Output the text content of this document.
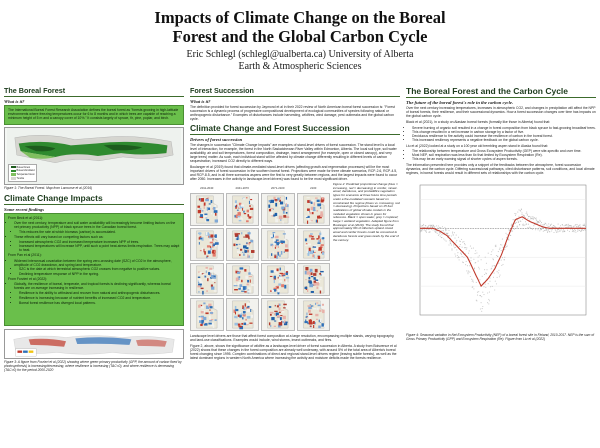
Impacts of Climate Change on the Boreal
Forest and the Global Carbon Cycle
Eric Schlegl (schlegl@ualberta.ca) University of Alberta
Earth & Atmospheric Sciences
The Boreal Forest
What is it?

The International Boreal Forest Research Association defines the boreal forest as "forests growing in high-latitude environments where freezing temperatures occur for 6 to 8 months and in which trees are capable of reaching a minimum height of 5 m and a canopy cover of 10%." It consists largely of spruce, fir, pine, poplar, and birch.

Boreal forest
Boreal shrubland
Temperate forest
Tundra
Figure 1: The Boreal Forest. Map from Lacourse et al (2016)
Climate Change Impacts
Some recent findings

From Beck et al (2011):

• Over the next century, temperature and soil water availability will increasingly become limiting factors on the net primary productivity (NPP) of black spruce trees in the Canadian boreal forest.
• This reduces the rate at which biomass (carbon) is accumulated.
• These effects will vary based on competing factors such as:
• Increased atmospheric CO2 and increased temperature increases NPP of trees.
• Increased temperatures will increase NPP, until such a point heat-stress limits respiration. Trees may adapt to heat.

From Pan et al (2011):

• Widened interannual covariation between the spring zero-crossing date (SZC) of CO2 in the atmosphere, amplitude of CO2 drawdown, and spring land temperature.
• SZC is the date at which terrestrial atmospheric CO2 crosses from negative to positive values.
• Declining temperature response of NPP in the spring.

From Forzieri et al (2022):

• Globally, the resilience of boreal, temperate, and tropical forests is declining significantly, whereas boreal forests are on average increasing in resilience.
• Resilience is the ability to withstand and recover from natural and anthropogenic disturbances.
• Resilience is increasing because of nutrient benefits of increased CO2 and temperature.
• Boreal forest resilience has diverged local patterns.
Figure 3: A figure from Forzieri et al (2022) showing where green primary productivity (GPP, the amount of carbon fixed by photosynthesis) is increasing/decreasing, where resilience is increasing (TAC<0), and where resilience is decreasing (TAC>0) for the period 2000-2020
Forest Succession
What is it?

The definition provided for forest succession by Jaymond et al in their 2022 review of North American boreal forest succession is: "Forest succession is a dynamic process of progressive compositional development of ecological communities of species following natural or anthropogenic disturbance." Examples of disturbances include harvesting, wildfires, wind damage, pest outbreaks and the global carbon cycle.

Climate Change and Forest Succession
Drivers of forest succession

The changes in succession "Climate Change Impacts" are examples of stand-level drivers of forest succession. The stand level is a local level of interaction, for example, the forest in the North Saskatchewan River Valley within Edmonton, Alberta. The local soil type, soil water availability, air and soil temperatures, forest composition, drainage, insect arrangement (for example, open or closed canopy), and very large trees) matter. As such, each individual stand will be affected by climate change differently resulting in different levels of carbon sequestration, increased CO2 directly to different ways.

Boulanger et al (2019) found that climate-mediated stand-level drivers (affecting growth and regeneration processes) will be the most important drivers of forest succession in the southern boreal forest. Projections were made for three climate scenarios, RCP-2.6, RCP-4.5, and RCP-8.5, and in all three scenarios aspens were the first to very greatly between regions, and the largest impacts were found to occur after 2050. Increases in fire activity in landscape-level drivers) was found to be the most significant driver.

2011-2040	2041-2070	2071-2100	2100
Figure 2: Predicted proportional change (blue = increasing, red = decreasing) in conifer, mixed-wood, deciduous, and postwildfire vegetation types for scenarios at three future time periods under a fire-mediated scenario based on constrained fire regime (blues vs. increasing, red = decreasing). Projections based on 15 fuel realizations of global climate models in the modeled vegetation shown in green for reference. Black = open water; grey = cropland; beige = wetland vegetation. Adapted figure from Boulanger et al (2019). The study found that approximately 9% of Alberta's upland mixed wood and conifer forests could be converted to deciduous forests and grass lands by the end of the century.

Landscape level drivers are those that affect forest composition at a large resolution, encompassing multiple stands, varying topography, and land-use classifications. Examples would include, wind storms, insect outbreaks, and fires.

Figure 2, above, shows the significance of wildfire as a landscape-level driver of forest succession in Alberta. A study from Boisvenue et al (2022) shows that these changes in the forest composition are already well underway, with around 5% of the total area of Alberta's boreal forest changing since 1995. Complex combinations of direct and regional stand-level drivers regime (leaving subtle forests), as well as the latest dominant regions in western North America where increasing fire activity and moisture deficits made the forests resilience.

The Boreal Forest and the Carbon Cycle
The future of the boreal forest's role in the carbon cycle.

Over the next century increasing temperatures, increases in atmospheric CO2, and changes in precipitation will affect the NPP of boreal forests, their resilience, and their successional dynamics. How a forest succession changes over time has impacts on the global carbon cycle.

Black et al (2021), in a study on Alaskan boreal forests (formally like those in Alberta) found that:

• Severe burning of organic soil resulted in a change in forest composition from black spruce to fast-growing broadleaf trees.
• This change resulted in a net increase in carbon storage by a factor of five.
• Deciduous resilience to fire activity could increase the resilience of carbon in the boreal forest.
• This increased resiliency represents a negative feedback on the global carbon cycle.

Liu et al (2022) looked at a study on a 100 year old trembling aspen stand in Alaska found that:

• The relationship between temperature and Gross Ecosystem Productivity (GEP) were site-specific and over time.
• Most NEP, soil respiration was less than 6x that limited by Ecosystem Respiration (Re).
• This may be an early warning signal of shorter cycles of aspen forests.

The information presented here provides only a snippet of the feedbacks between the atmosphere, forest succession dynamics, and the carbon cycle. Differing successional pathways, cited disturbance patterns, soil conditions, and local climate regimes, in boreal forests would result in different sets of relationships with the carbon cycle.

Figure 4: Seasonal variation in Net Ecosystem Productivity (NEP) of a boreal forest site in Finland, 2010-2017. NEP is the sum of Gross Primary Productivity (GPP) and Ecosystem Respiration (Re). Figure from Liu et al (2022)
